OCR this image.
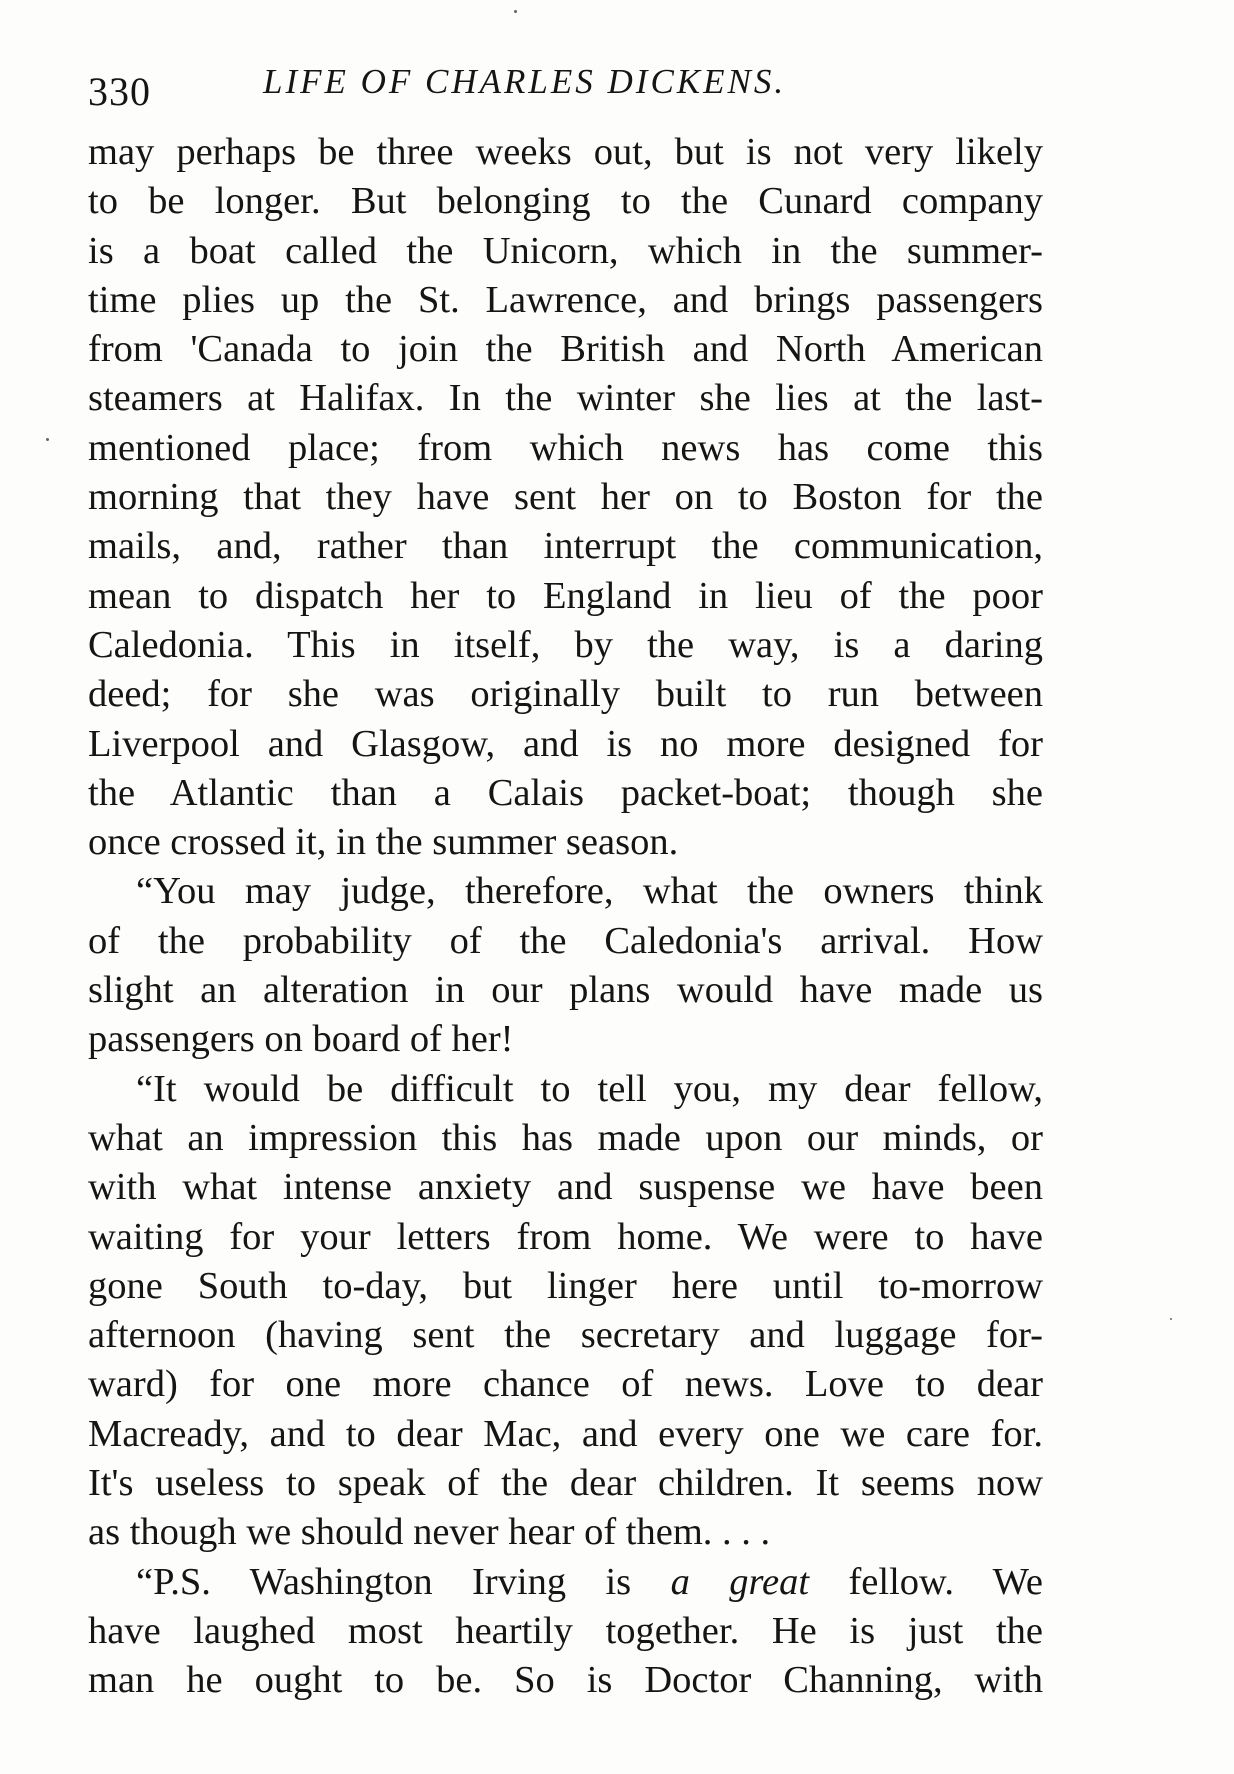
330	LIFE OF CHARLES DICKENS.
may perhaps be three weeks out, but is not very likely
to be longer. But belonging to the Cunard company
is a boat called the Unicorn, which in the summer-
time plies up the St. Lawrence, and brings passengers
from 'Canada to join the British and North American
steamers at Halifax. In the winter she lies at the last-
mentioned place; from which news has come this
morning that they have sent her on to Boston for the
mails, and, rather than interrupt the communication,
mean to dispatch her to England in lieu of the poor
Caledonia. This in itself, by the way, is a daring
deed; for she was originally built to run between
Liverpool and Glasgow, and is no more designed for
the Atlantic than a Calais packet-boat; though she
once crossed it, in the summer season.
“You may judge, therefore, what the owners think
of the probability of the Caledonia's arrival. How
slight an alteration in our plans would have made us
passengers on board of her!
“It would be difficult to tell you, my dear fellow,
what an impression this has made upon our minds, or
with what intense anxiety and suspense we have been
waiting for your letters from home. We were to have
gone South to-day, but linger here until to-morrow
afternoon (having sent the secretary and luggage for-
ward) for one more chance of news. Love to dear
Macready, and to dear Mac, and every one we care for.
It's useless to speak of the dear children. It seems now
as though we should never hear of them. . . .
“P.S. Washington Irving is a great fellow. We
have laughed most heartily together. He is just the
man he ought to be. So is Doctor Channing, with
